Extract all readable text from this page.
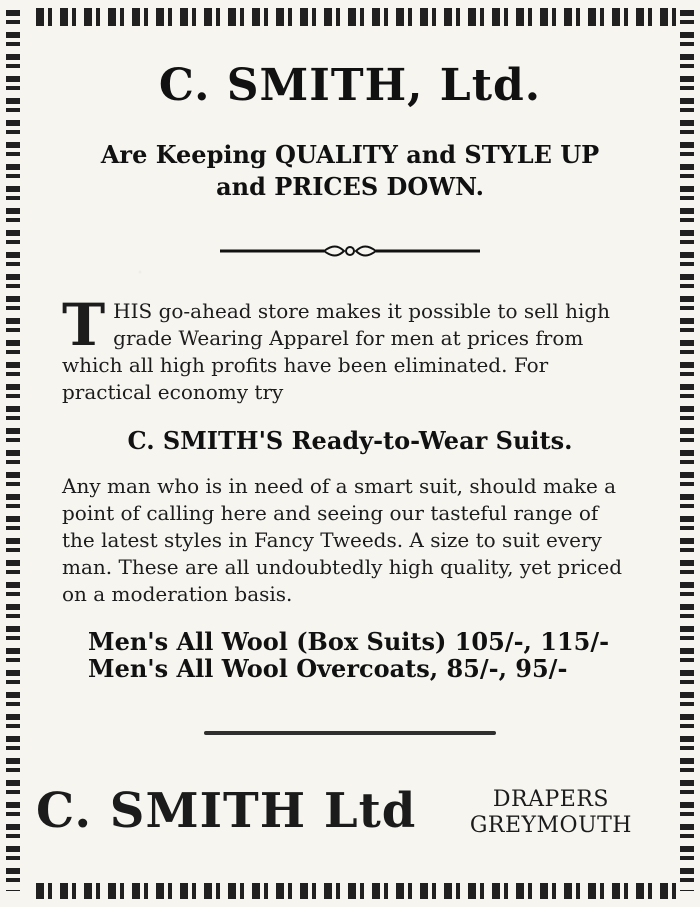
C. SMITH, Ltd.
Are Keeping QUALITY and STYLE UP
and PRICES DOWN.
T HIS go-ahead store makes it possible to sell high grade Wearing Apparel for men at prices from which all high profits have been eliminated. For practical economy try
C. SMITH'S Ready-to-Wear Suits.
Any man who is in need of a smart suit, should make a point of calling here and seeing our tasteful range of the latest styles in Fancy Tweeds. A size to suit every man. These are all undoubtedly high quality, yet priced on a moderation basis.
Men's All Wool (Box Suits) 105/-, 115/-
Men's All Wool Overcoats, 85/-, 95/-
C. SMITH Ltd	DRAPERS
GREYMOUTH
